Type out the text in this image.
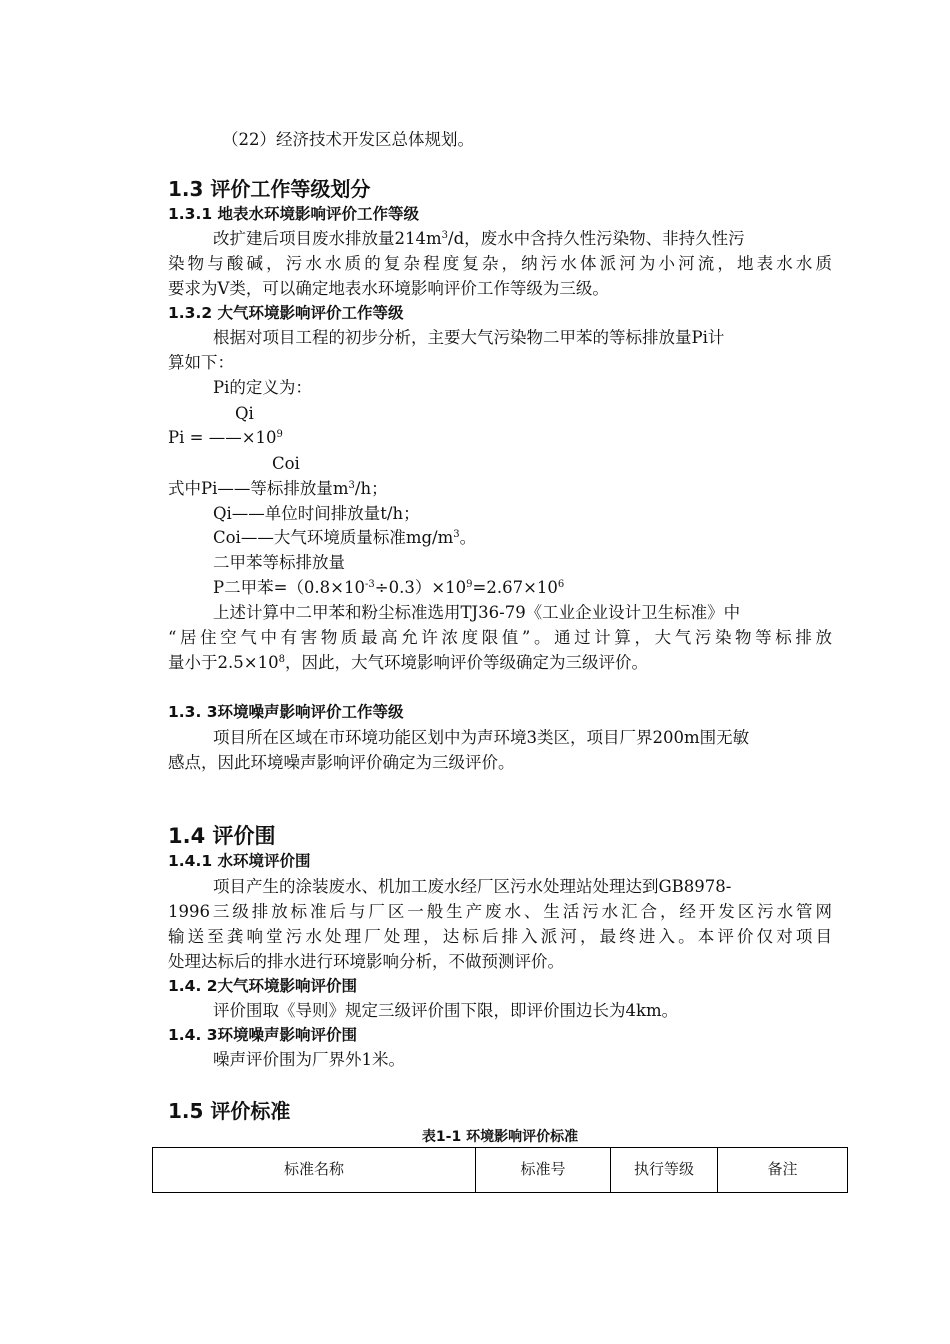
（22）经济技术开发区总体规划。
1.3 评价工作等级划分
1.3.1 地表水环境影响评价工作等级
改扩建后项目废水排放量$214m^3/d$，废水中含持久性污染物、非持久性污
染物与酸碱，污水水质的复杂程度复杂，纳污水体派河为小河流，地表水水质
要求为Ⅴ类，可以确定地表水环境影响评价工作等级为三级。
1.3.2 大气环境影响评价工作等级
根据对项目工程的初步分析，主要大气污染物二甲苯的等标排放量Pi计
算如下：
Pi的定义为：
Qi
$Pi = ——\times 10^9$
Coi
式中Pi——等标排放量$m^3/h$；
Qi——单位时间排放量t/h；
Coi——大气环境质量标准$mg/m^3$。
二甲苯等标排放量
P二甲苯$=(0.8\times 10^{-3}\div 0.3)\times 10^9=2.67\times 10^6$
上述计算中二甲苯和粉尘标准选用TJ36-79《工业企业设计卫生标准》中
“居住空气中有害物质最高允许浓度限值”。通过计算，大气污染物等标排放
量小于$2.5\times 10^8$，因此，大气环境影响评价等级确定为三级评价。
1.3. 3环境噪声影响评价工作等级
项目所在区域在市环境功能区划中为声环境3类区，项目厂界200m围无敏
感点，因此环境噪声影响评价确定为三级评价。
1.4 评价围
1.4.1 水环境评价围
项目产生的涂装废水、机加工废水经厂区污水处理站处理达到GB8978-
1996三级排放标准后与厂区一般生产废水、生活污水汇合，经开发区污水管网
输送至龚响堂污水处理厂处理，达标后排入派河，最终进入。本评价仅对项目
处理达标后的排水进行环境影响分析，不做预测评价。
1.4. 2大气环境影响评价围
评价围取《导则》规定三级评价围下限，即评价围边长为4km。
1.4. 3环境噪声影响评价围
噪声评价围为厂界外1米。
1.5 评价标准
表1-1 环境影响评价标准
标准名称	标准号	执行等级	备注
